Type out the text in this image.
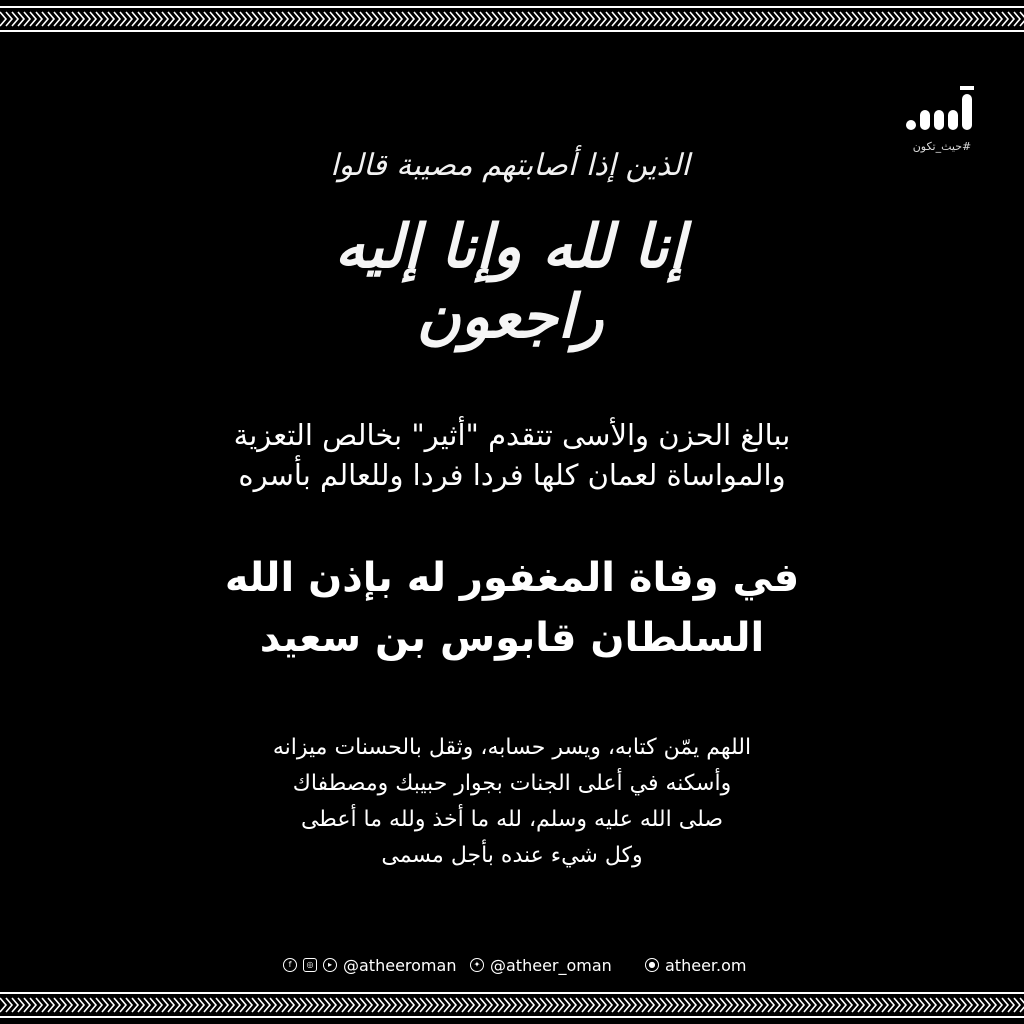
#حيث_تكون
الذين إذا أصابتهم مصيبة قالوا
إنا لله وإنا إليه راجعون
ببالغ الحزن والأسى تتقدم "أثير" بخالص التعزية
والمواساة لعمان كلها فردا فردا وللعالم بأسره
في وفاة المغفور له بإذن الله
السلطان قابوس بن سعيد
اللهم يمّن كتابه، ويسر حسابه، وثقل بالحسنات ميزانه
وأسكنه في أعلى الجنات بجوار حبيبك ومصطفاك
صلى الله عليه وسلم، لله ما أخذ ولله ما أعطى
وكل شيء عنده بأجل مسمى
f	◎	▸ @atheeroman	✦ @atheer_oman	● atheer.om
